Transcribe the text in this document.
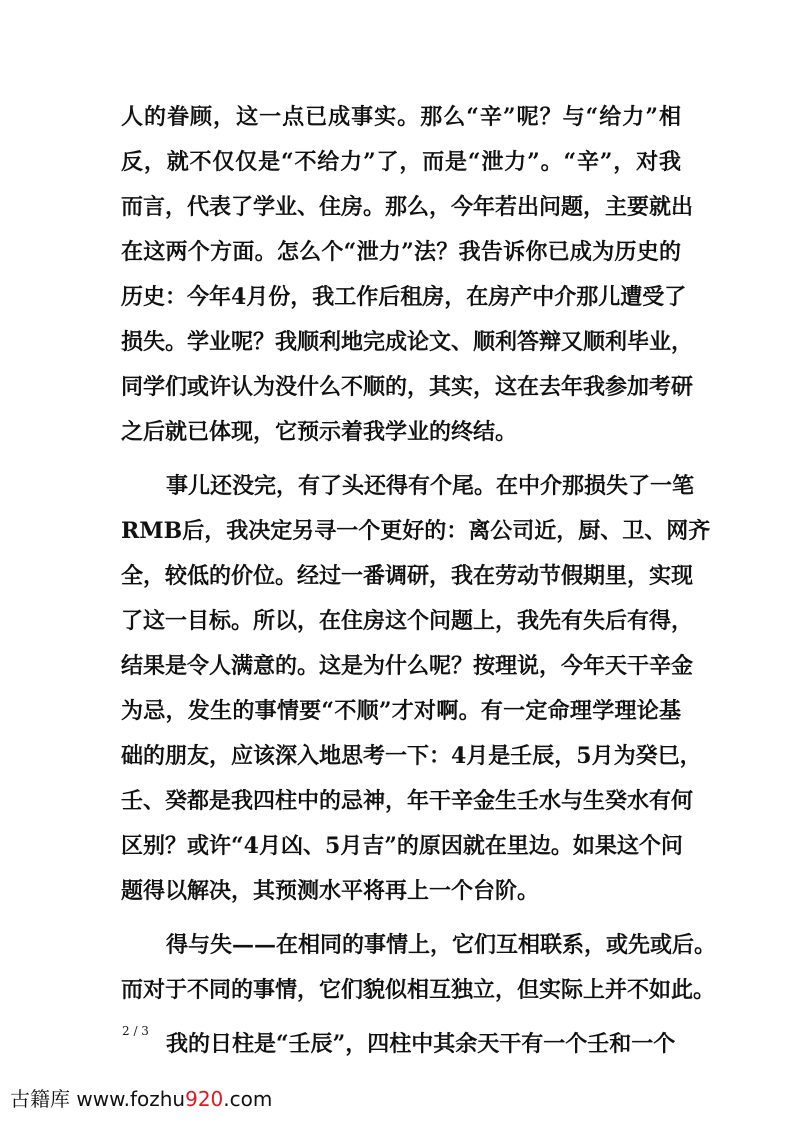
人的眷顾，这一点已成事实。那么“辛”呢？与“给力”相
反，就不仅仅是“不给力”了，而是“泄力”。“辛”，对我
而言，代表了学业、住房。那么，今年若出问题，主要就出
在这两个方面。怎么个“泄力”法？我告诉你已成为历史的
历史：今年4月份，我工作后租房，在房产中介那儿遭受了
损失。学业呢？我顺利地完成论文、顺利答辩又顺利毕业，
同学们或许认为没什么不顺的，其实，这在去年我参加考研
之后就已体现，它预示着我学业的终结。
事儿还没完，有了头还得有个尾。在中介那损失了一笔
RMB后，我决定另寻一个更好的：离公司近，厨、卫、网齐
全，较低的价位。经过一番调研，我在劳动节假期里，实现
了这一目标。所以，在住房这个问题上，我先有失后有得，
结果是令人满意的。这是为什么呢？按理说，今年天干辛金
为忌，发生的事情要“不顺”才对啊。有一定命理学理论基
础的朋友，应该深入地思考一下：4月是壬辰，5月为癸巳，
壬、癸都是我四柱中的忌神，年干辛金生壬水与生癸水有何
区别？或许“4月凶、5月吉”的原因就在里边。如果这个问
题得以解决，其预测水平将再上一个台阶。
得与失——在相同的事情上，它们互相联系，或先或后。
而对于不同的事情，它们貌似相互独立，但实际上并不如此。
我的日柱是“壬辰”，四柱中其余天干有一个壬和一个
2 / 3
古籍库 www.fozhu920.com
